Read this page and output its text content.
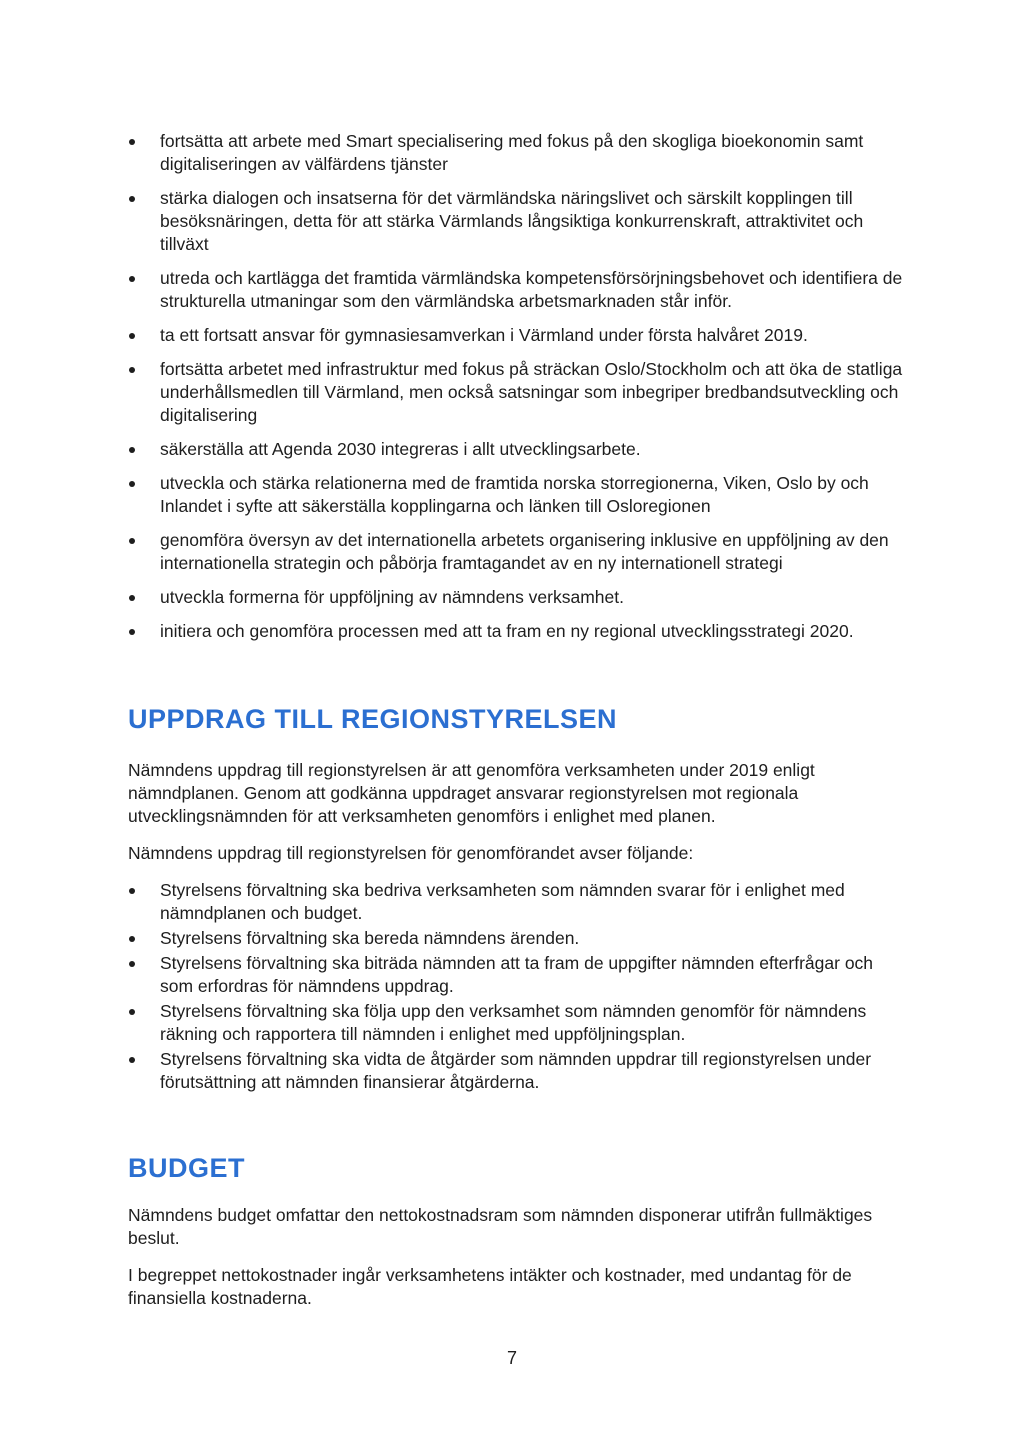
fortsätta att arbete med Smart specialisering med fokus på den skogliga bioekonomin samt digitaliseringen av välfärdens tjänster
stärka dialogen och insatserna för det värmländska näringslivet och särskilt kopplingen till besöksnäringen, detta för att stärka Värmlands långsiktiga konkurrenskraft, attraktivitet och tillväxt
utreda och kartlägga det framtida värmländska kompetensförsörjningsbehovet och identifiera de strukturella utmaningar som den värmländska arbetsmarknaden står inför.
ta ett fortsatt ansvar för gymnasiesamverkan i Värmland under första halvåret 2019.
fortsätta arbetet med infrastruktur med fokus på sträckan Oslo/Stockholm och att öka de statliga underhållsmedlen till Värmland, men också satsningar som inbegriper bredbandsutveckling och digitalisering
säkerställa att Agenda 2030 integreras i allt utvecklingsarbete.
utveckla och stärka relationerna med de framtida norska storregionerna, Viken, Oslo by och Inlandet i syfte att säkerställa kopplingarna och länken till Osloregionen
genomföra översyn av det internationella arbetets organisering inklusive en uppföljning av den internationella strategin och påbörja framtagandet av en ny internationell strategi
utveckla formerna för uppföljning av nämndens verksamhet.
initiera och genomföra processen med att ta fram en ny regional utvecklingsstrategi 2020.
UPPDRAG TILL REGIONSTYRELSEN

Nämndens uppdrag till regionstyrelsen är att genomföra verksamheten under 2019 enligt nämndplanen. Genom att godkänna uppdraget ansvarar regionstyrelsen mot regionala utvecklingsnämnden för att verksamheten genomförs i enlighet med planen.

Nämndens uppdrag till regionstyrelsen för genomförandet avser följande:

Styrelsens förvaltning ska bedriva verksamheten som nämnden svarar för i enlighet med nämndplanen och budget.
Styrelsens förvaltning ska bereda nämndens ärenden.
Styrelsens förvaltning ska biträda nämnden att ta fram de uppgifter nämnden efterfrågar och som erfordras för nämndens uppdrag.
Styrelsens förvaltning ska följa upp den verksamhet som nämnden genomför för nämndens räkning och rapportera till nämnden i enlighet med uppföljningsplan.
Styrelsens förvaltning ska vidta de åtgärder som nämnden uppdrar till regionstyrelsen under förutsättning att nämnden finansierar åtgärderna.
BUDGET

Nämndens budget omfattar den nettokostnadsram som nämnden disponerar utifrån fullmäktiges beslut.

I begreppet nettokostnader ingår verksamhetens intäkter och kostnader, med undantag för de finansiella kostnaderna.

7
